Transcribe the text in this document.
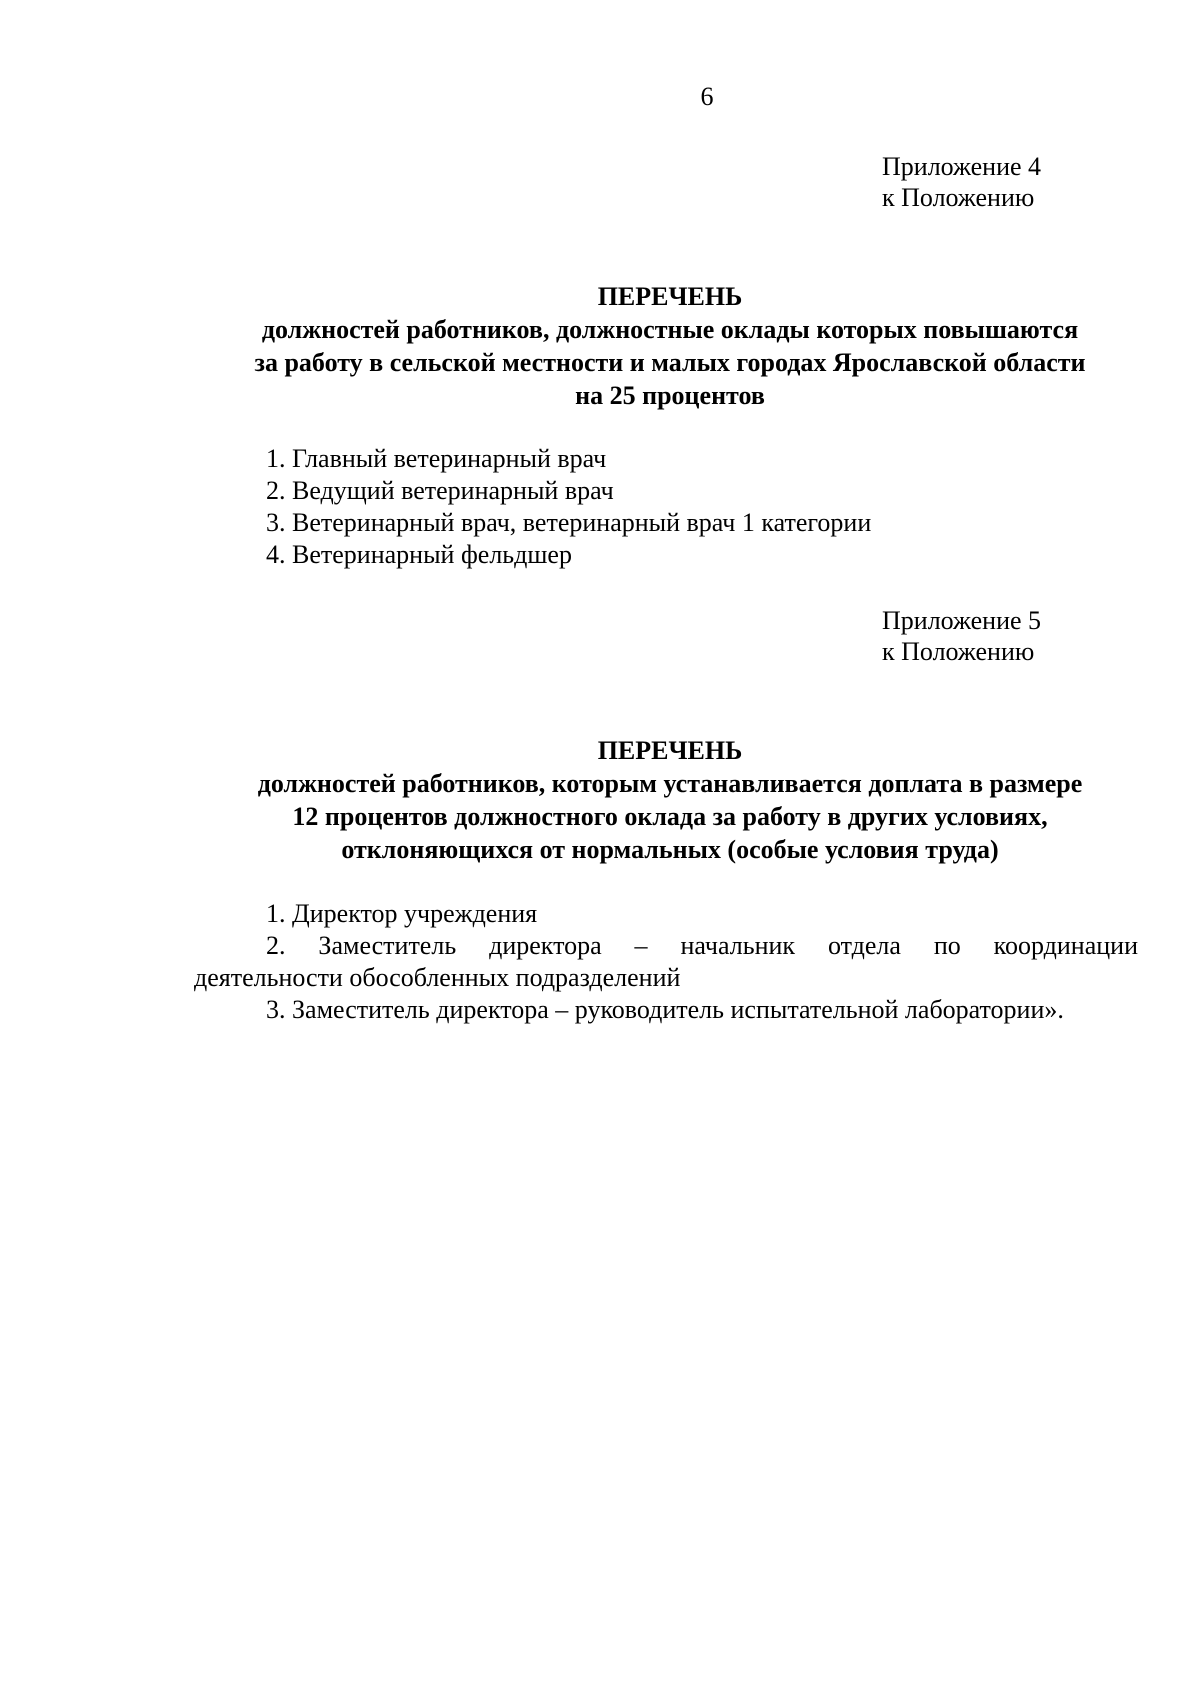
6
Приложение 4
к Положению
ПЕРЕЧЕНЬ
должностей работников, должностные оклады которых повышаются
за работу в сельской местности и малых городах Ярославской области
на 25 процентов
1. Главный ветеринарный врач
2. Ведущий ветеринарный врач
3. Ветеринарный врач, ветеринарный врач 1 категории
4. Ветеринарный фельдшер
Приложение 5
к Положению
ПЕРЕЧЕНЬ
должностей работников, которым устанавливается доплата в размере
12 процентов должностного оклада за работу в других условиях,
отклоняющихся от нормальных (особые условия труда)
1. Директор учреждения
2. Заместитель директора – начальник отдела по координации
деятельности обособленных подразделений
3. Заместитель директора – руководитель испытательной лаборатории».
